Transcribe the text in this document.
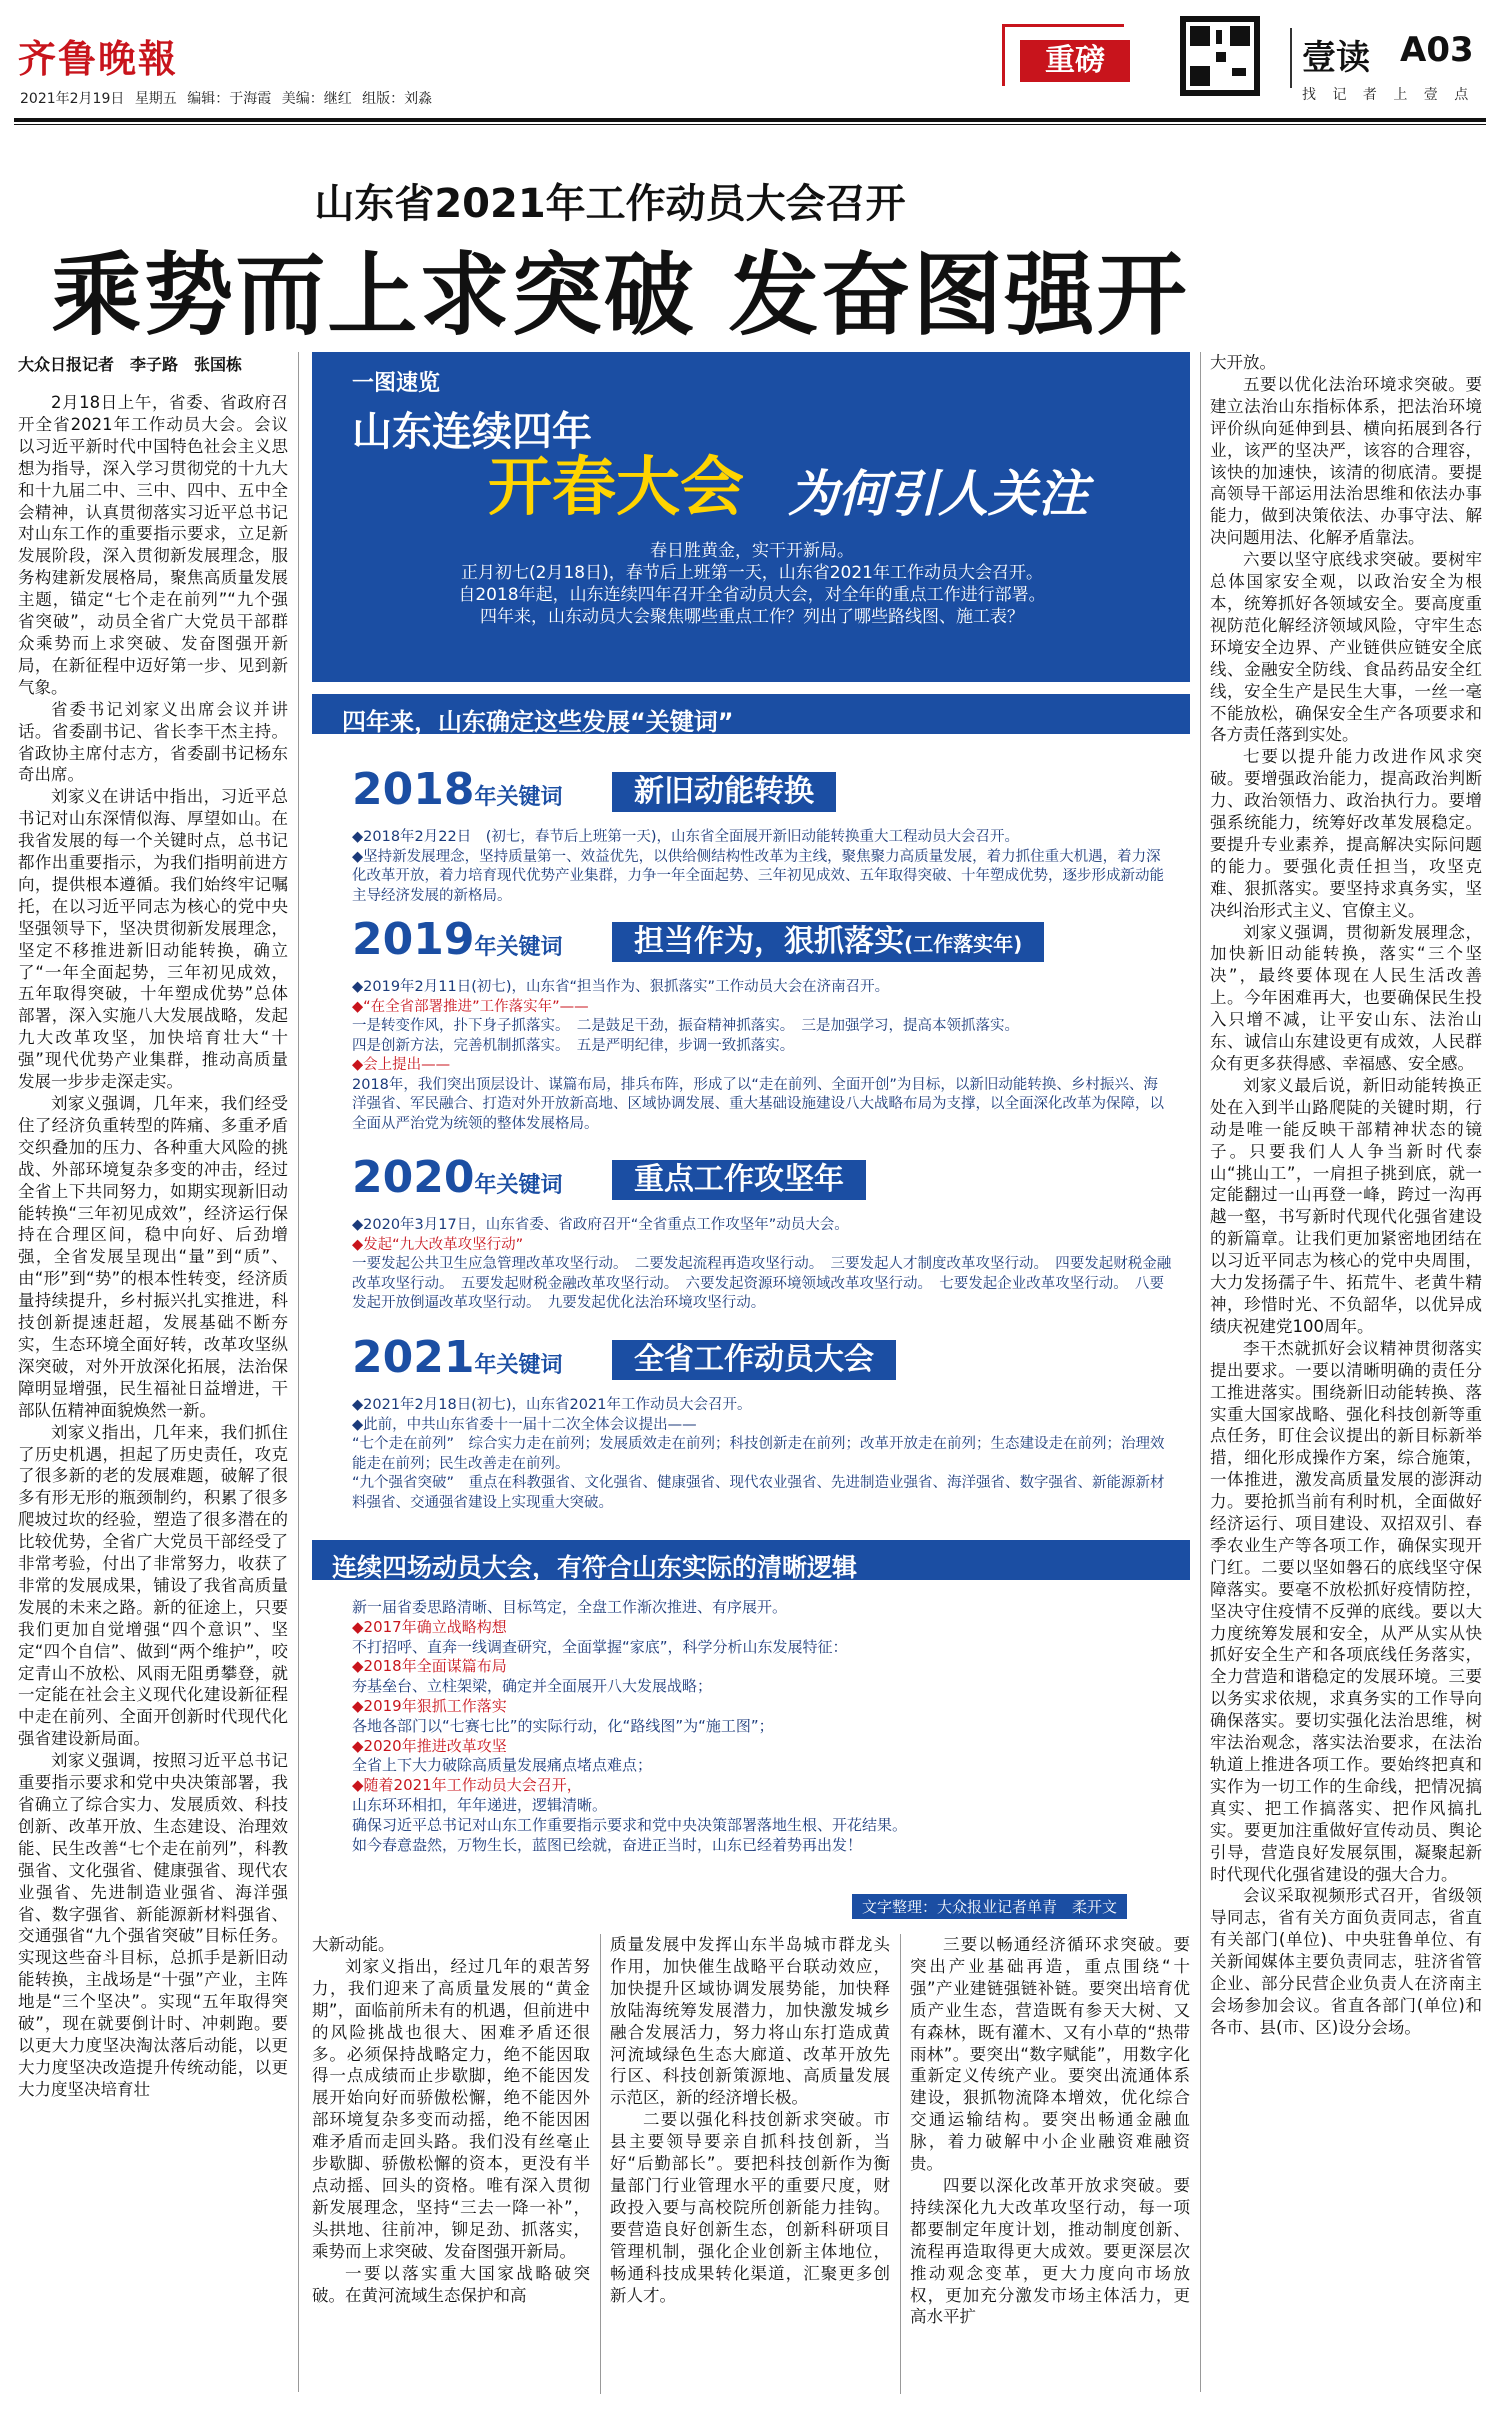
齐鲁晚報
2021年2月19日 星期五 编辑：于海霞 美编：继红 组版：刘淼
重磅	壹读 A03
找 记 者 上 壹 点
山东省2021年工作动员大会召开
乘势而上求突破 发奋图强开
大众日报记者　李子路　张国栋

2月18日上午，省委、省政府召开全省2021年工作动员大会。会议以习近平新时代中国特色社会主义思想为指导，深入学习贯彻党的十九大和十九届二中、三中、四中、五中全会精神，认真贯彻落实习近平总书记对山东工作的重要指示要求，立足新发展阶段，深入贯彻新发展理念，服务构建新发展格局，聚焦高质量发展主题，锚定“七个走在前列”“九个强省突破”，动员全省广大党员干部群众乘势而上求突破、发奋图强开新局，在新征程中迈好第一步、见到新气象。

省委书记刘家义出席会议并讲话。省委副书记、省长李干杰主持。省政协主席付志方，省委副书记杨东奇出席。

刘家义在讲话中指出，习近平总书记对山东深情似海、厚望如山。在我省发展的每一个关键时点，总书记都作出重要指示，为我们指明前进方向，提供根本遵循。我们始终牢记嘱托，在以习近平同志为核心的党中央坚强领导下，坚决贯彻新发展理念，坚定不移推进新旧动能转换，确立了“一年全面起势，三年初见成效，五年取得突破，十年塑成优势”总体部署，深入实施八大发展战略，发起九大改革攻坚，加快培育壮大“十强”现代优势产业集群，推动高质量发展一步步走深走实。

刘家义强调，几年来，我们经受住了经济负重转型的阵痛、多重矛盾交织叠加的压力、各种重大风险的挑战、外部环境复杂多变的冲击，经过全省上下共同努力，如期实现新旧动能转换“三年初见成效”，经济运行保持在合理区间，稳中向好、后劲增强，全省发展呈现出“量”到“质”、由“形”到“势”的根本性转变，经济质量持续提升，乡村振兴扎实推进，科技创新提速赶超，发展基础不断夯实，生态环境全面好转，改革攻坚纵深突破，对外开放深化拓展，法治保障明显增强，民生福祉日益增进，干部队伍精神面貌焕然一新。

刘家义指出，几年来，我们抓住了历史机遇，担起了历史责任，攻克了很多新的老的发展难题，破解了很多有形无形的瓶颈制约，积累了很多爬坡过坎的经验，塑造了很多潜在的比较优势，全省广大党员干部经受了非常考验，付出了非常努力，收获了非常的发展成果，铺设了我省高质量发展的未来之路。新的征途上，只要我们更加自觉增强“四个意识”、坚定“四个自信”、做到“两个维护”，咬定青山不放松、风雨无阻勇攀登，就一定能在社会主义现代化建设新征程中走在前列、全面开创新时代现代化强省建设新局面。

刘家义强调，按照习近平总书记重要指示要求和党中央决策部署，我省确立了综合实力、发展质效、科技创新、改革开放、生态建设、治理效能、民生改善“七个走在前列”，科教强省、文化强省、健康强省、现代农业强省、先进制造业强省、海洋强省、数字强省、新能源新材料强省、交通强省“九个强省突破”目标任务。实现这些奋斗目标，总抓手是新旧动能转换，主战场是“十强”产业，主阵地是“三个坚决”。实现“五年取得突破”，现在就要倒计时、冲刺跑。要以更大力度坚决淘汰落后动能，以更大力度坚决改造提升传统动能，以更大力度坚决培育壮

一图速览
山东连续四年
开春大会 为何引人关注
春日胜黄金，实干开新局。
正月初七(2月18日)，春节后上班第一天，山东省2021年工作动员大会召开。
自2018年起，山东连续四年召开全省动员大会，对全年的重点工作进行部署。
四年来，山东动员大会聚焦哪些重点工作？列出了哪些路线图、施工表？
四年来，山东确定这些发展“关键词”
2018年关键词	新旧动能转换
◆2018年2月22日　(初七，春节后上班第一天)，山东省全面展开新旧动能转换重大工程动员大会召开。
◆坚持新发展理念，坚持质量第一、效益优先，以供给侧结构性改革为主线，聚焦聚力高质量发展，着力抓住重大机遇，着力深化改革开放，着力培育现代优势产业集群，力争一年全面起势、三年初见成效、五年取得突破、十年塑成优势，逐步形成新动能主导经济发展的新格局。
2019年关键词	担当作为，狠抓落实(工作落实年)
◆2019年2月11日(初七)，山东省“担当作为、狠抓落实”工作动员大会在济南召开。
◆“在全省部署推进”工作落实年”——
一是转变作风，扑下身子抓落实。　二是鼓足干劲，振奋精神抓落实。　三是加强学习，提高本领抓落实。
四是创新方法，完善机制抓落实。　五是严明纪律，步调一致抓落实。
◆会上提出——
2018年，我们突出顶层设计、谋篇布局，排兵布阵，形成了以“走在前列、全面开创”为目标，以新旧动能转换、乡村振兴、海洋强省、军民融合、打造对外开放新高地、区域协调发展、重大基础设施建设八大战略布局为支撑，以全面深化改革为保障，以全面从严治党为统领的整体发展格局。
2020年关键词	重点工作攻坚年
◆2020年3月17日，山东省委、省政府召开“全省重点工作攻坚年”动员大会。
◆发起“九大改革攻坚行动”
一要发起公共卫生应急管理改革攻坚行动。　二要发起流程再造攻坚行动。　三要发起人才制度改革攻坚行动。　四要发起财税金融改革攻坚行动。　五要发起财税金融改革攻坚行动。　六要发起资源环境领域改革攻坚行动。　七要发起企业改革攻坚行动。　八要发起开放倒逼改革攻坚行动。　九要发起优化法治环境攻坚行动。
2021年关键词	全省工作动员大会
◆2021年2月18日(初七)，山东省2021年工作动员大会召开。
◆此前，中共山东省委十一届十二次全体会议提出——
“七个走在前列”　综合实力走在前列；发展质效走在前列；科技创新走在前列；改革开放走在前列；生态建设走在前列；治理效能走在前列；民生改善走在前列。
“九个强省突破”　重点在科教强省、文化强省、健康强省、现代农业强省、先进制造业强省、海洋强省、数字强省、新能源新材料强省、交通强省建设上实现重大突破。
连续四场动员大会，有符合山东实际的清晰逻辑
新一届省委思路清晰、目标笃定，全盘工作渐次推进、有序展开。
◆2017年确立战略构想
不打招呼、直奔一线调查研究，全面掌握“家底”，科学分析山东发展特征：
◆2018年全面谋篇布局
夯基垒台、立柱架梁，确定并全面展开八大发展战略；
◆2019年狠抓工作落实
各地各部门以“七赛七比”的实际行动，化“路线图”为“施工图”；
◆2020年推进改革攻坚
全省上下大力破除高质量发展痛点堵点难点；
◆随着2021年工作动员大会召开，
山东环环相扣，年年递进，逻辑清晰。
确保习近平总书记对山东工作重要指示要求和党中央决策部署落地生根、开花结果。
如今春意盎然，万物生长，蓝图已绘就，奋进正当时，山东已经着势再出发！
文字整理：大众报业记者单青　柔开文

大新动能。

刘家义指出，经过几年的艰苦努力，我们迎来了高质量发展的“黄金期”，面临前所未有的机遇，但前进中的风险挑战也很大、困难矛盾还很多。必须保持战略定力，绝不能因取得一点成绩而止步歇脚，绝不能因发展开始向好而骄傲松懈，绝不能因外部环境复杂多变而动摇，绝不能因困难矛盾而走回头路。我们没有丝毫止步歇脚、骄傲松懈的资本，更没有半点动摇、回头的资格。唯有深入贯彻新发展理念，坚持“三去一降一补”，头拱地、往前冲，铆足劲、抓落实，乘势而上求突破、发奋图强开新局。

一要以落实重大国家战略破突破。在黄河流域生态保护和高

质量发展中发挥山东半岛城市群龙头作用，加快催生战略平台联动效应，加快提升区域协调发展势能，加快释放陆海统筹发展潜力，加快激发城乡融合发展活力，努力将山东打造成黄河流域绿色生态大廊道、改革开放先行区、科技创新策源地、高质量发展示范区，新的经济增长极。

二要以强化科技创新求突破。市县主要领导要亲自抓科技创新，当好“后勤部长”。要把科技创新作为衡量部门行业管理水平的重要尺度，财政投入要与高校院所创新能力挂钩。要营造良好创新生态，创新科研项目管理机制，强化企业创新主体地位，畅通科技成果转化渠道，汇聚更多创新人才。

三要以畅通经济循环求突破。要突出产业基础再造，重点围绕“十强”产业建链强链补链。要突出培育优质产业生态，营造既有参天大树、又有森林，既有灌木、又有小草的“热带雨林”。要突出“数字赋能”，用数字化重新定义传统产业。要突出流通体系建设，狠抓物流降本增效，优化综合交通运输结构。要突出畅通金融血脉，着力破解中小企业融资难融资贵。

四要以深化改革开放求突破。要持续深化九大改革攻坚行动，每一项都要制定年度计划，推动制度创新、流程再造取得更大成效。要更深层次推动观念变革，更大力度向市场放权，更加充分激发市场主体活力，更高水平扩

大开放。

五要以优化法治环境求突破。要建立法治山东指标体系，把法治环境评价纵向延伸到县、横向拓展到各行业，该严的坚决严，该容的合理容，该快的加速快，该清的彻底清。要提高领导干部运用法治思维和依法办事能力，做到决策依法、办事守法、解决问题用法、化解矛盾靠法。

六要以坚守底线求突破。要树牢总体国家安全观，以政治安全为根本，统筹抓好各领域安全。要高度重视防范化解经济领域风险，守牢生态环境安全边界、产业链供应链安全底线、金融安全防线、食品药品安全红线，安全生产是民生大事，一丝一毫不能放松，确保安全生产各项要求和各方责任落到实处。

七要以提升能力改进作风求突破。要增强政治能力，提高政治判断力、政治领悟力、政治执行力。要增强系统能力，统筹好改革发展稳定。要提升专业素养，提高解决实际问题的能力。要强化责任担当，攻坚克难、狠抓落实。要坚持求真务实，坚决纠治形式主义、官僚主义。

刘家义强调，贯彻新发展理念，加快新旧动能转换，落实“三个坚决”，最终要体现在人民生活改善上。今年困难再大，也要确保民生投入只增不减，让平安山东、法治山东、诚信山东建设更有成效，人民群众有更多获得感、幸福感、安全感。

刘家义最后说，新旧动能转换正处在入到半山路爬陡的关键时期，行动是唯一能反映干部精神状态的镜子。只要我们人人争当新时代泰山“挑山工”，一肩担子挑到底，就一定能翻过一山再登一峰，跨过一沟再越一壑，书写新时代现代化强省建设的新篇章。让我们更加紧密地团结在以习近平同志为核心的党中央周围，大力发扬孺子牛、拓荒牛、老黄牛精神，珍惜时光、不负韶华，以优异成绩庆祝建党100周年。

李干杰就抓好会议精神贯彻落实提出要求。一要以清晰明确的责任分工推进落实。围绕新旧动能转换、落实重大国家战略、强化科技创新等重点任务，盯住会议提出的新目标新举措，细化形成操作方案，综合施策，一体推进，激发高质量发展的澎湃动力。要抢抓当前有利时机，全面做好经济运行、项目建设、双招双引、春季农业生产等各项工作，确保实现开门红。二要以坚如磐石的底线坚守保障落实。要毫不放松抓好疫情防控，坚决守住疫情不反弹的底线。要以大力度统筹发展和安全，从严从实从快抓好安全生产和各项底线任务落实，全力营造和谐稳定的发展环境。三要以务实求依规，求真务实的工作导向确保落实。要切实强化法治思维，树牢法治观念，落实法治要求，在法治轨道上推进各项工作。要始终把真和实作为一切工作的生命线，把情况搞真实、把工作搞落实、把作风搞扎实。要更加注重做好宣传动员、舆论引导，营造良好发展氛围，凝聚起新时代现代化强省建设的强大合力。

会议采取视频形式召开，省级领导同志，省有关方面负责同志，省直有关部门(单位)、中央驻鲁单位、有关新闻媒体主要负责同志，驻济省管企业、部分民营企业负责人在济南主会场参加会议。省直各部门(单位)和各市、县(市、区)设分会场。
